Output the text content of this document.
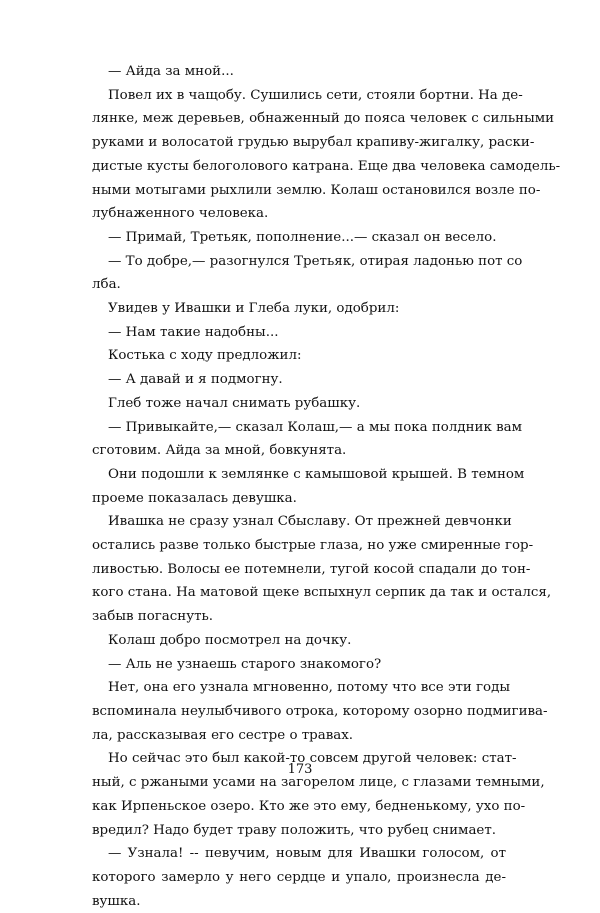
— Айда за мной...
Повел их в чащобу. Сушились сети, стояли бортни. На де-
лянке, меж деревьев, обнаженный до пояса человек с сильными
руками и волосатой грудью вырубал крапиву-жигалку, раски-
дистые кусты белоголового катрана. Еще два человека самодель-
ными мотыгами рыхлили землю. Колаш остановился возле по-
лубнаженного человека.
— Примай, Третьяк, пополнение...— сказал он весело.
— То добре,— разогнулся Третьяк, отирая ладонью пот со
лба.
Увидев у Ивашки и Глеба луки, одобрил:
— Нам такие надобны...
Костька с ходу предложил:
— А давай и я подмогну.
Глеб тоже начал снимать рубашку.
— Привыкайте,— сказал Колаш,— а мы пока полдник вам
сготовим. Айда за мной, бовкунята.
Они подошли к землянке с камышовой крышей. В темном
проеме показалась девушка.
Ивашка не сразу узнал Сбыславу. От прежней девчонки
остались разве только быстрые глаза, но уже смиренные гор-
ливостью. Волосы ее потемнели, тугой косой спадали до тон-
кого стана. На матовой щеке вспыхнул серпик да так и остался,
забыв погаснуть.
Колаш добро посмотрел на дочку.
— Аль не узнаешь старого знакомого?
Нет, она его узнала мгновенно, потому что все эти годы
вспоминала неулыбчивого отрока, которому озорно подмигива-
ла, рассказывая его сестре о травах.
Но сейчас это был какой-то совсем другой человек: стат-
ный, с ржаными усами на загорелом лице, с глазами темными,
как Ирпеньское озеро. Кто же это ему, бедненькому, ухо по-
вредил? Надо будет траву положить, что рубец снимает.
— Узнала! -- певучим, новым для Ивашки голосом, от
которого замерло у него сердце и упало, произнесла де-
вушка.
173
